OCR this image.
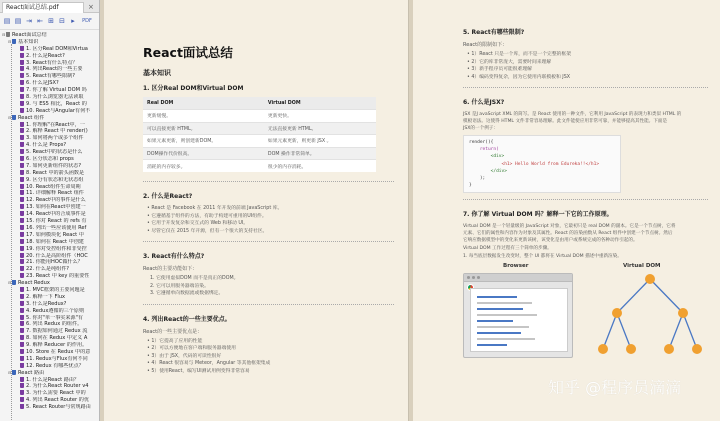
React面试总结.pdf	×
▤ ▤ ⇥ ⇤ ⊞ ⊟ ▸	PDF
⊟ React面试总结
⊟ 基本知识
1. 区分Real DOM和Virtua
2. 什么是React?
3. React有什么特点？
4. 列出React的一些主要
5. React有哪些限制?
6. 什么是JSX?
7. 你了解 Virtual DOM 吗
8. 为什么浏览器无法读取
9. 与 ES5 相比，React 的
10. React与Angular有何不
⊟ React 组件
1. 你理解"在React中，一
2. 解释 React 中 render()
3. 如何将两个或多个组件
4. 什么是 Props?
5. React中的状态是什么
6. 区分状态和 props
7. 如何更新组件的状态?
8. React 中的箭头函数是
9. 区分有状态和无状态组
10. React组件生命周期
11. 详细解释 React 组件
12. React中的事件是什么
13. 如何在React中创建一
14. React中的合成事件是
15. 你对 React 的 refs 有
16. 列出一些应该使用 Ref
17. 如何模块化 React 中
18. 如何在 React 中创建
19. 你对受控组件和非受控
20. 什么是高阶组件（HOC
21. 你能用HOC做什么？
22. 什么是纯组件?
23. React 中 key 的重要性
⊟ React Redux
1. MVC框架的主要问题是
2. 解释一下 Flux
3. 什么是Redux?
4. Redux遵循的三个原则
5. 你对"单一事实来源"有
6. 列出 Redux 的组件。
7. 数据如何通过 Redux 流
8. 如何在 Redux 中定义 A
9. 解释 Reducer 的作用。
10. Store 在 Redux 中的意
11. Redux与Flux有何不同
12. Redux 有哪些优点？
⊟ React 路由
1. 什么是React 路由？
2. 为什么React Router v4
3. 为什么需要 React 中的
4. 列出 React Router 的优
5. React Router与常规路由
React面试总结
基本知识
1. 区分Real DOM和Virtual DOM
Real DOM	Virtual DOM
更新缓慢。	更新更快。
可以直接更新 HTML。	无法直接更新 HTML。
如果元素更新，则创建新DOM。	如果元素更新，则更新 JSX 。
DOM操作代价很高。	DOM 操作非常简单。
消耗的内存较多。	很少的内存消耗。
2. 什么是React?
• React 是 Facebook 在 2011 年开发的前端 JavaScript 库。
• 它遵循基于组件的方法，有助于构建可重用的UI组件。
• 它用于开发复杂和交互式的 Web 和移动 UI。
• 尽管它仅在 2015 年开源，但有一个很大的支持社区。
3. React有什么特点?
React的主要功能如下：
1. 它使用虚拟DOM 而不是真正的DOM。
2. 它可以用服务器端渲染。
3. 它遵循单向数据流或数据绑定。
4. 列出React的一些主要优点。
React的一些主要优点是：
• 1）它提高了应用的性能
• 2）可以方便地在客户端和服务器端使用
• 3）由于 JSX，代码的可读性很好
• 4）React 很容易与 Meteor，Angular 等其他框架集成
• 5）使用React，编写UI测试用例变得非常容易
5. React有哪些限制?
React的限制如下：
• 1）React 只是一个库，而不是一个完整的框架
• 2）它的库非常庞大，需要时间来理解
• 3）新手程序员可能很难理解
• 4）编码变得复杂，因为它使用内联模板和 JSX
6. 什么是JSX?
JSX 是J avaScript XML 的简写。是 React 使用的一种文件，它利用 JavaScript 的表现力和类似 HTML 的
模板语法。这使得 HTML 文件非常容易理解。此文件能使应用非常可靠，并能够提高其性能。下面是
JSX的一个例子：
render(){
return(
<div>
<h1> Hello World from Edureka!!</h1>
</div>
);
}
7. 你了解 Virtual DOM 吗？解释一下它的工作原理。
Virtual DOM 是一个轻量级的 JavaScript 对象，它最初只是 real DOM 的副本。它是一个节点树，它将
元素、它们的属性和内容作为对象及其属性。React 的渲染函数从 React 组件中创建一个节点树。然后
它响应数据模型中的变化来更新该树，该变化是由用户或系统完成的各种动作引起的。
Virtual DOM 工作过程有三个简单的步骤。
1. 每当底层数据发生改变时，整个 UI 都将在 Virtual DOM 描述中重新渲染。
Browser	Virtual DOM
知乎 @程序员滴滴
